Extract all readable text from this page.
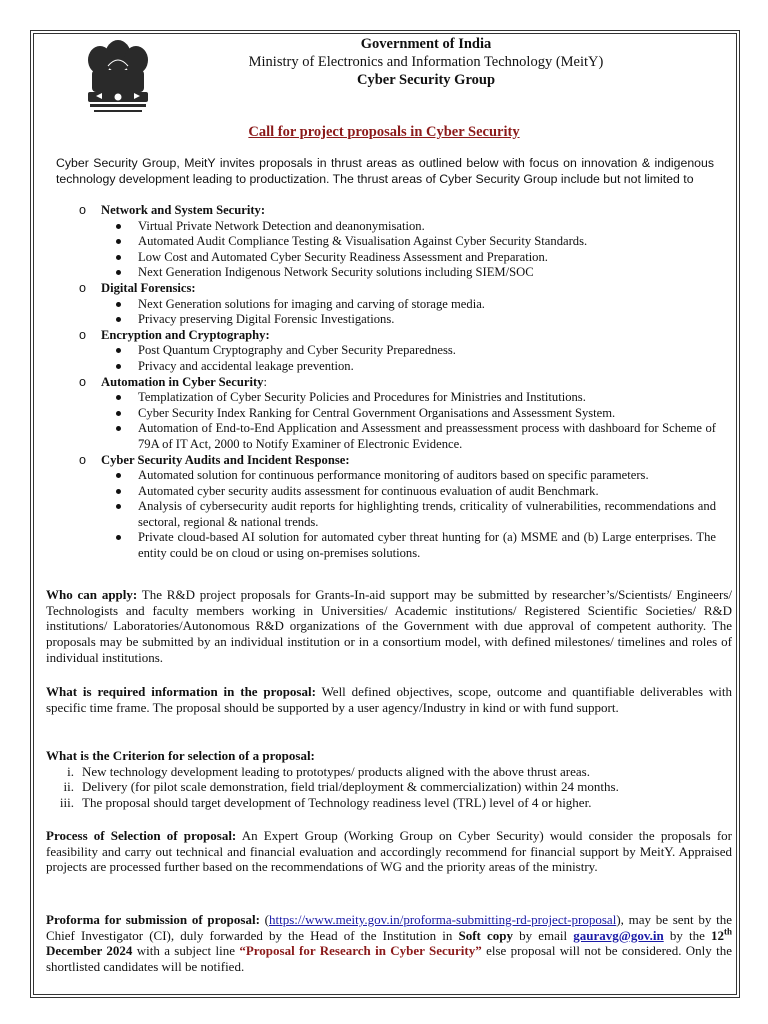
Government of India
Ministry of Electronics and Information Technology (MeitY)
Cyber Security Group
Call for project proposals in Cyber Security
Cyber Security Group, MeitY invites proposals in thrust areas as outlined below with focus on innovation & indigenous technology development leading to productization. The thrust areas of Cyber Security Group include but not limited to
o Network and System Security:
Virtual Private Network Detection and deanonymisation.
Automated Audit Compliance Testing & Visualisation Against Cyber Security Standards.
Low Cost and Automated Cyber Security Readiness Assessment and Preparation.
Next Generation Indigenous Network Security solutions including SIEM/SOC
o Digital Forensics:
Next Generation solutions for imaging and carving of storage media.
Privacy preserving Digital Forensic Investigations.
o Encryption and Cryptography:
Post Quantum Cryptography and Cyber Security Preparedness.
Privacy and accidental leakage prevention.
o Automation in Cyber Security:
Templatization of Cyber Security Policies and Procedures for Ministries and Institutions.
Cyber Security Index Ranking for Central Government Organisations and Assessment System.
Automation of End-to-End Application and Assessment and preassessment process with dashboard for Scheme of 79A of IT Act, 2000 to Notify Examiner of Electronic Evidence.
o Cyber Security Audits and Incident Response:
Automated solution for continuous performance monitoring of auditors based on specific parameters.
Automated cyber security audits assessment for continuous evaluation of audit Benchmark.
Analysis of cybersecurity audit reports for highlighting trends, criticality of vulnerabilities, recommendations and sectoral, regional & national trends.
Private cloud-based AI solution for automated cyber threat hunting for (a) MSME and (b) Large enterprises. The entity could be on cloud or using on-premises solutions.
Who can apply: The R&D project proposals for Grants-In-aid support may be submitted by researcher’s/Scientists/ Engineers/ Technologists and faculty members working in Universities/ Academic institutions/ Registered Scientific Societies/ R&D institutions/ Laboratories/Autonomous R&D organizations of the Government with due approval of competent authority. The proposals may be submitted by an individual institution or in a consortium model, with defined milestones/ timelines and roles of individual institutions.
What is required information in the proposal: Well defined objectives, scope, outcome and quantifiable deliverables with specific time frame. The proposal should be supported by a user agency/Industry in kind or with fund support.
What is the Criterion for selection of a proposal:
i. New technology development leading to prototypes/ products aligned with the above thrust areas.
ii. Delivery (for pilot scale demonstration, field trial/deployment & commercialization) within 24 months.
iii. The proposal should target development of Technology readiness level (TRL) level of 4 or higher.
Process of Selection of proposal: An Expert Group (Working Group on Cyber Security) would consider the proposals for feasibility and carry out technical and financial evaluation and accordingly recommend for financial support by MeitY. Appraised projects are processed further based on the recommendations of WG and the priority areas of the ministry.
Proforma for submission of proposal: (https://www.meity.gov.in/proforma-submitting-rd-project-proposal), may be sent by the Chief Investigator (CI), duly forwarded by the Head of the Institution in Soft copy by email gauravg@gov.in by the 12th December 2024 with a subject line “Proposal for Research in Cyber Security” else proposal will not be considered. Only the shortlisted candidates will be notified.
